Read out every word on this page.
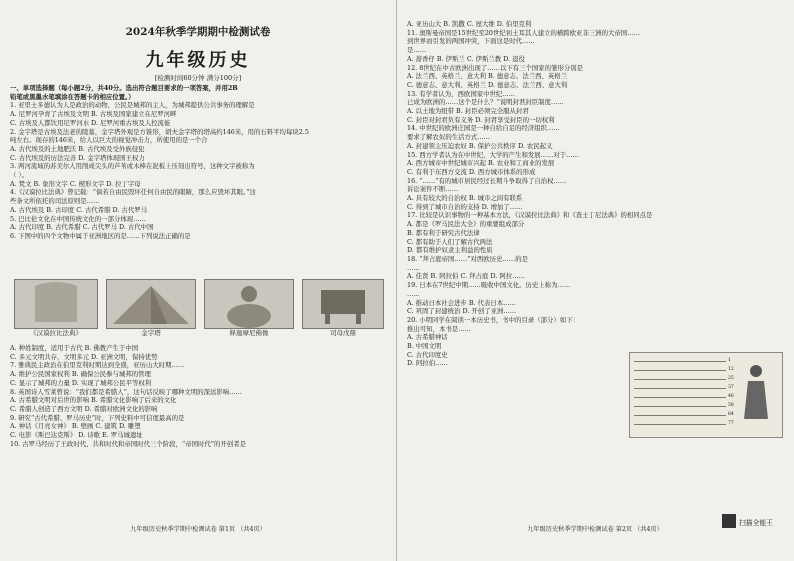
2024年秋季学期期中检测试卷
九年级历史
[检测时间60分钟 满分100分]
一、单项选择题（每小题2分，共40分。选出符合题目要求的一项答案，并用2B
铅笔或黑墨水笔填涂在答题卡的相应位置。）
1. 亚里士多德认为人是政治的动物，公民是城邦的主人，为城邦提供公共事务的理解是
A. 尼罗河孕育了古埃及文明 B. 古埃及国家建立在尼罗河畔
C. 古埃及人都饮用尼罗河水 D. 尼罗河重古埃及人控流徙
2. 金字塔是古埃及法老的陵墓，金字塔外观是方锥形，胡夫金字塔的塔高约146米，用的石料平均每块2.5
吨左右。现存的146米，给人以巨大的视觉冲击力，所使用的是一个合
A. 古代埃及的土地肥沃 B. 古代埃及受外族侵犯
C. 古代埃及的历法完善 D. 金字塔体现国王权力
3. 两河流域的苏美尔人用削成尖头的芦苇或木棒在泥板上压刻出符号，这种文字被称为
（ ）。
A. 梵文 B. 象形文字 C. 楔形文字 D. 拉丁字母
4.《汉谟拉比法典》曾记载：“倘若自由民毁坏任何自由民的眼睛，那么应毁坏其眼。”这
些条文所依托的司法原则是……
A. 古代埃及 B. 古印度 C. 古代希腊 D. 古代罗马
5. 巴比伦文化在中国传统文化的一部分体现……
A. 古代印度 B. 古代希腊 C. 古代罗马 D. 古代中国
6. 下图中的四个文物中属于亚洲地区的是……下列说法正确的是
《汉谟拉比法典》	金字塔	释迦摩尼佛像	司母戊鼎
A. 种姓制度，适用于古代 B. 佛教产生于中国
C. 多元文明共存，文明多元 D. 亚洲文明，保持优势
7. 雅典民主政治在伯里克利时期达到全盛，亚历山大时期……
A. 维护公民国家权利 B. 确保公民参与城邦的管理
C. 显示了城邦的力量 D. 实现了城邦公民平等权利
8. 英国诗人雪莱曾说：“我们都是希腊人”，这句话反映了哪种文明的深远影响……
A. 古希腊文明对后世的影响 B. 希腊文化影响了后来的文化
C. 希腊人创造了西方文明 D. 希腊对欧洲文化的影响
9. 研究“古代希腊、罗马历史”时，下列史料中可信度最高的是
A. 神话《月亮女神》 B. 壁画 C. 建筑 D. 雕塑
C. 电影《斯巴达克斯》 D. 诗歌 E. 罗马城遗址
10. 古罗马经历了王政时代、共和时代和帝国时代三个阶段，“帝国时代”的开创者是
九年级历史秋季学期中检测试卷 第1页 （共4页）
A. 亚历山大 B. 凯撒 C. 屋大维 D. 伯里克利
11. 奥斯曼帝国是15世纪至20世纪初土耳其人建立的横跨欧亚非三洲的大帝国……
到世界而引发的两国冲突，下面这是时代……
是……
A. 蔷香仔 B. 伊斯兰 C. 伊斯兰教 D. 退役
12. 8世纪在中古欧洲出现了……以下有三个国家的雏形分别是
A. 法兰西、英格兰、意大利 B. 德意志、法兰西、英格兰
C. 德意志、意大利、英格兰 D. 德意志、法兰西、意大利
13. 有学者认为，西欧国家中世纪……
已成为欧洲的……这个是什么？“说明封君封臣制度……
A. 以土地为纽带 B. 封臣必须完全服从封君
C. 封臣对封君负有义务 D. 封君享受封臣的一切权利
14. 中世纪的欧洲庄园是一种自给自足的经济组织……
要求了解农奴的生活方式……
A. 封建领主压迫农奴 B. 保护公共秩序 D. 农民起义
15. 西方学者认为在中世纪，大学的产生和发展……对于……
A. 西方城市中世纪城市兴起 B. 农业和工商业的发展
C. 有利于东西方交流 D. 西方城市体系的形成
16. “……”有的城市居民经过长期斗争取得了自治权……
诉讼案件不断……
A. 具有较大的自治权 B. 城市之间有联系
C. 得到了城市自治的支持 D. 增加了……
17. 比较是认识事物的一种基本方法，《汉谟拉比法典》和《查士丁尼法典》的相同点是
A. 都是《罗马民法大全》的重要组成部分
B. 都有利于研究古代法律
C. 都有助于人们了解古代两法
D. 都有维护奴隶主利益的性质
18. “拜占庭帝国……”对西欧历史……的是
……
A. 佳贤 B. 阿拉伯 C. 拜占庭 D. 阿拉……
19. 日本在7世纪中期……吸收中国文化。历史上称为……
……
A. 推动日本社会进步 B. 代表日本……
C. 巩固了封建统治 D. 开创了亚洲……
20. 小明同学在阅读一本历史书，书中的目录（部分）如下：
推出可知，本书是……
A. 古希腊神话
B. 中国文明
C. 古代印度史
D. 阿拉伯……	1
12
25
37
46
58
64
77
九年级历史秋季学期中检测试卷 第2页 （共4页）
扫描全能王
